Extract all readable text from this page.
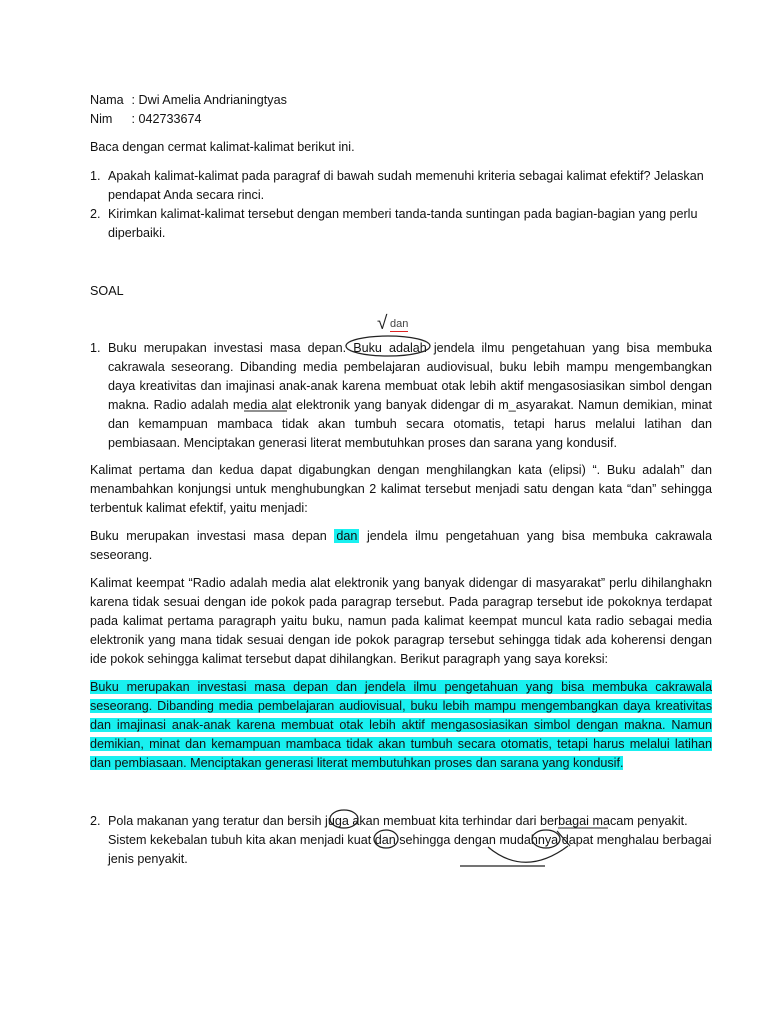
Nama : Dwi Amelia Andrianingtyas
Nim : 042733674
Baca dengan cermat kalimat-kalimat berikut ini.
1. Apakah kalimat-kalimat pada paragraf di bawah sudah memenuhi kriteria sebagai kalimat efektif? Jelaskan pendapat Anda secara rinci.
2. Kirimkan kalimat-kalimat tersebut dengan memberi tanda-tanda suntingan pada bagian-bagian yang perlu diperbaiki.
SOAL
√ dan
1. Buku merupakan investasi masa depan. Buku adalah jendela ilmu pengetahuan yang bisa membuka cakrawala seseorang. Dibanding media pembelajaran audiovisual, buku lebih mampu mengembangkan daya kreativitas dan imajinasi anak-anak karena membuat otak lebih aktif mengasosiasikan simbol dengan makna. Radio adalah media alat elektronik yang banyak didengar di m_asyarakat. Namun demikian, minat dan kemampuan mambaca tidak akan tumbuh secara otomatis, tetapi harus melalui latihan dan pembiasaan. Menciptakan generasi literat membutuhkan proses dan sarana yang kondusif.
Kalimat pertama dan kedua dapat digabungkan dengan menghilangkan kata (elipsi) “. Buku adalah” dan menambahkan konjungsi untuk menghubungkan 2 kalimat tersebut menjadi satu dengan kata “dan” sehingga terbentuk kalimat efektif, yaitu menjadi:
Buku merupakan investasi masa depan dan jendela ilmu pengetahuan yang bisa membuka cakrawala seseorang.
Kalimat keempat “Radio adalah media alat elektronik yang banyak didengar di masyarakat” perlu dihilanghakn karena tidak sesuai dengan ide pokok pada paragrap tersebut. Pada paragrap tersebut ide pokoknya terdapat pada kalimat pertama paragraph yaitu buku, namun pada kalimat keempat muncul kata radio sebagai media elektronik yang mana tidak sesuai dengan ide pokok paragrap tersebut sehingga tidak ada koherensi dengan ide pokok sehingga kalimat tersebut dapat dihilangkan. Berikut paragraph yang saya koreksi:
Buku merupakan investasi masa depan dan jendela ilmu pengetahuan yang bisa membuka cakrawala seseorang. Dibanding media pembelajaran audiovisual, buku lebih mampu mengembangkan daya kreativitas dan imajinasi anak-anak karena membuat otak lebih aktif mengasosiasikan simbol dengan makna. Namun demikian, minat dan kemampuan mambaca tidak akan tumbuh secara otomatis, tetapi harus melalui latihan dan pembiasaan. Menciptakan generasi literat membutuhkan proses dan sarana yang kondusif.
2. Pola makanan yang teratur dan bersih juga akan membuat kita terhindar dari berbagai macam penyakit. Sistem kekebalan tubuh kita akan menjadi kuat dan sehingga dengan mudahnya dapat menghalau berbagai jenis penyakit.
